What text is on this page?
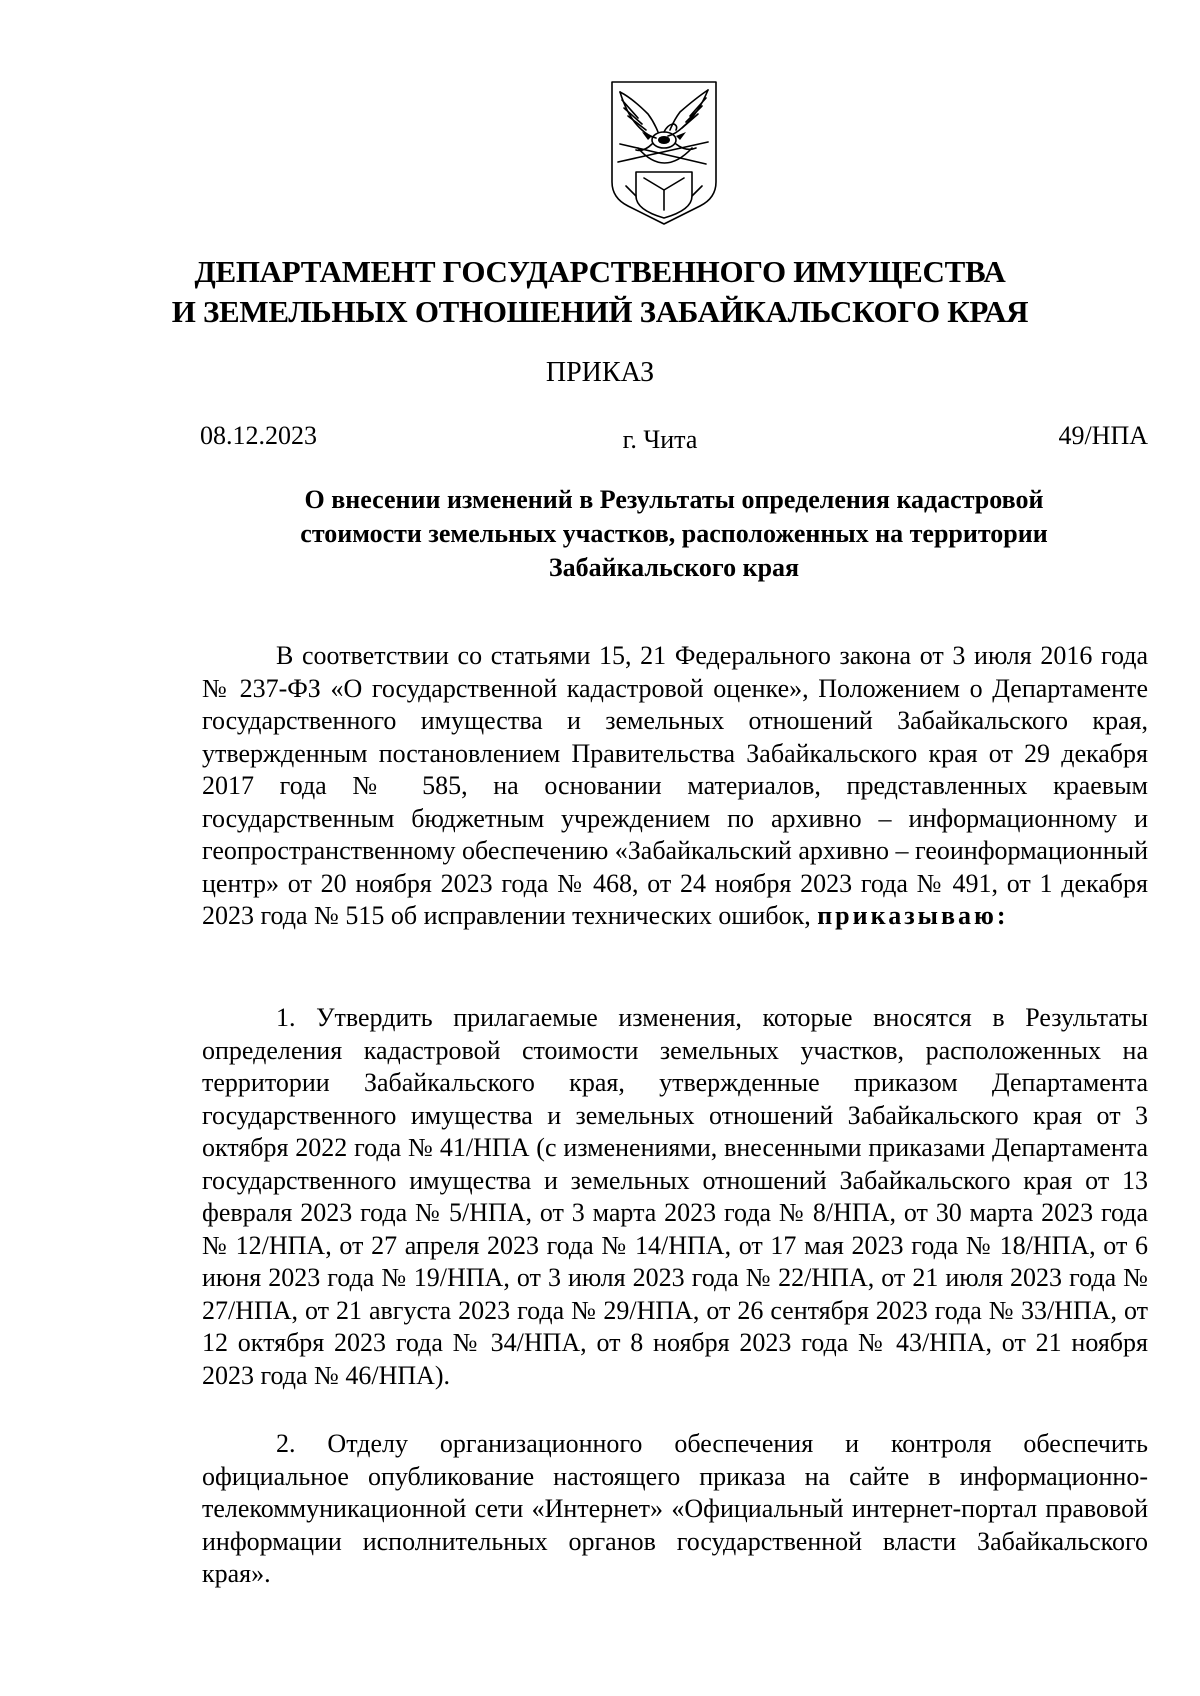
ДЕПАРТАМЕНТ ГОСУДАРСТВЕННОГО ИМУЩЕСТВА
И ЗЕМЕЛЬНЫХ ОТНОШЕНИЙ ЗАБАЙКАЛЬСКОГО КРАЯ
ПРИКАЗ
08.12.2023	г. Чита	49/НПА
О внесении изменений в Результаты определения кадастровой
стоимости земельных участков, расположенных на территории
Забайкальского края

В соответствии со статьями 15, 21 Федерального закона от 3 июля 2016 года № 237-ФЗ «О государственной кадастровой оценке», Положением о Департаменте государственного имущества и земельных отношений Забайкальского края, утвержденным постановлением Правительства Забайкальского края от 29 декабря 2017 года № 585, на основании материалов, представленных краевым государственным бюджетным учреждением по архивно – информационному и геопространственному обеспечению «Забайкальский архивно – геоинформационный центр» от 20 ноября 2023 года № 468, от 24 ноября 2023 года № 491, от 1 декабря 2023 года № 515 об исправлении технических ошибок, приказываю:

1. Утвердить прилагаемые изменения, которые вносятся в Результаты определения кадастровой стоимости земельных участков, расположенных на территории Забайкальского края, утвержденные приказом Департамента государственного имущества и земельных отношений Забайкальского края от 3 октября 2022 года № 41/НПА (с изменениями, внесенными приказами Департамента государственного имущества и земельных отношений Забайкальского края от 13 февраля 2023 года № 5/НПА, от 3 марта 2023 года № 8/НПА, от 30 марта 2023 года № 12/НПА, от 27 апреля 2023 года № 14/НПА, от 17 мая 2023 года № 18/НПА, от 6 июня 2023 года № 19/НПА, от 3 июля 2023 года № 22/НПА, от 21 июля 2023 года № 27/НПА, от 21 августа 2023 года № 29/НПА, от 26 сентября 2023 года № 33/НПА, от 12 октября 2023 года № 34/НПА, от 8 ноября 2023 года № 43/НПА, от 21 ноября 2023 года № 46/НПА).

2. Отделу организационного обеспечения и контроля обеспечить официальное опубликование настоящего приказа на сайте в информационно-телекоммуникационной сети «Интернет» «Официальный интернет-портал правовой информации исполнительных органов государственной власти Забайкальского края».
